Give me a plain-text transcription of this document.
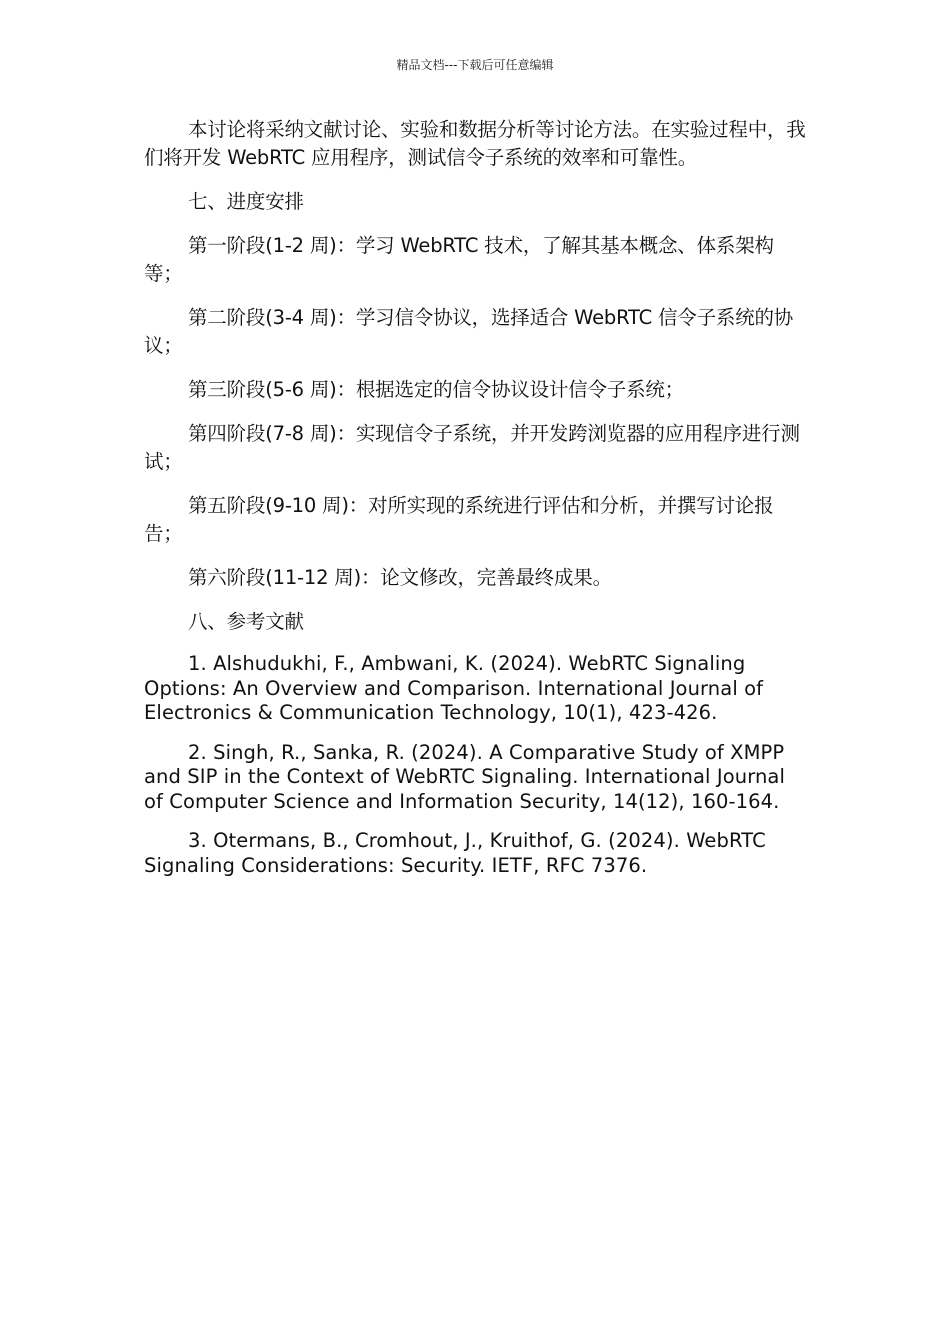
精品文档---下载后可任意编辑

本讨论将采纳文献讨论、实验和数据分析等讨论方法。在实验过程中，我们将开发 WebRTC 应用程序，测试信令子系统的效率和可靠性。

七、进度安排

第一阶段(1-2 周)：学习 WebRTC 技术，了解其基本概念、体系架构等；

第二阶段(3-4 周)：学习信令协议，选择适合 WebRTC 信令子系统的协议；

第三阶段(5-6 周)：根据选定的信令协议设计信令子系统；

第四阶段(7-8 周)：实现信令子系统，并开发跨浏览器的应用程序进行测试；

第五阶段(9-10 周)：对所实现的系统进行评估和分析，并撰写讨论报告；

第六阶段(11-12 周)：论文修改，完善最终成果。

八、参考文献

1. Alshudukhi, F., Ambwani, K. (2024). WebRTC Signaling Options: An Overview and Comparison. International Journal of Electronics & Communication Technology, 10(1), 423-426.

2. Singh, R., Sanka, R. (2024). A Comparative Study of XMPP and SIP in the Context of WebRTC Signaling. International Journal of Computer Science and Information Security, 14(12), 160-164.

3. Otermans, B., Cromhout, J., Kruithof, G. (2024). WebRTC Signaling Considerations: Security. IETF, RFC 7376.
